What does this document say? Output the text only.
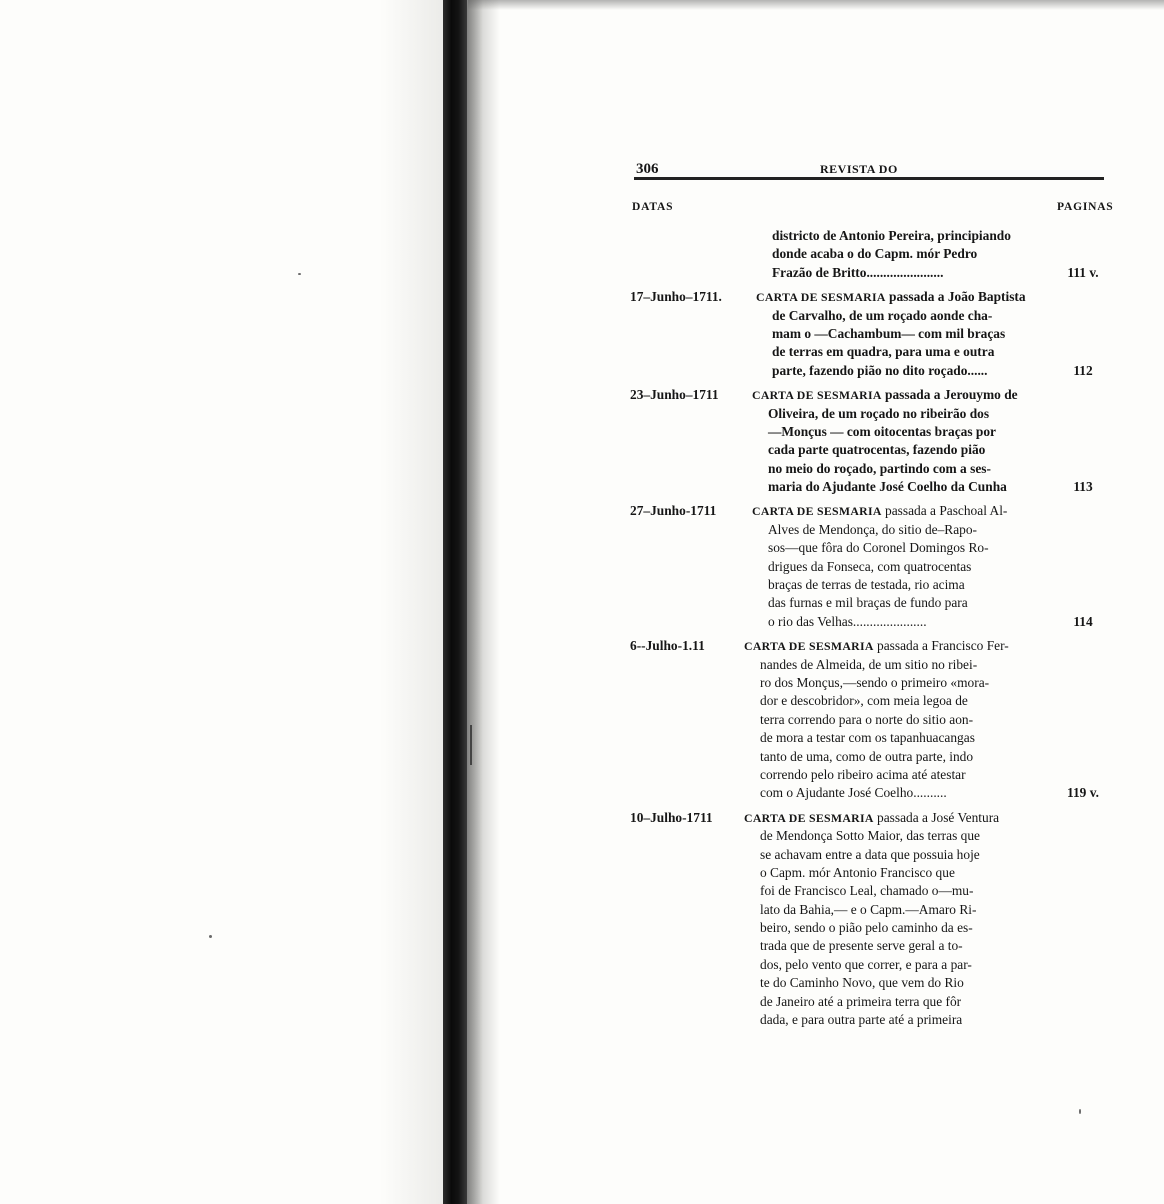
306	REVISTA DO
DATAS	PAGINAS
districto de Antonio Pereira, principiando
donde acaba o do Capm. mór Pedro
Frazão de Britto.......................	111 v.
17–Junho–1711.	CARTA DE SESMARIA passada a João Baptista
de Carvalho, de um roçado aonde cha-
mam o —Cachambum— com mil braças
de terras em quadra, para uma e outra
parte, fazendo pião no dito roçado......	112
23–Junho–1711	CARTA DE SESMARIA passada a Jerouymo de
Oliveira, de um roçado no ribeirão dos
—Monçus — com oitocentas braças por
cada parte quatrocentas, fazendo pião
no meio do roçado, partindo com a ses-
maria do Ajudante José Coelho da Cunha	113
27–Junho-1711	CARTA DE SESMARIA passada a Paschoal Al-
Alves de Mendonça, do sitio de–Rapo-
sos—que fôra do Coronel Domingos Ro-
drigues da Fonseca, com quatrocentas
braças de terras de testada, rio acima
das furnas e mil braças de fundo para
o rio das Velhas......................	114
6--Julho-1.11	CARTA DE SESMARIA passada a Francisco Fer-
nandes de Almeida, de um sitio no ribei-
ro dos Monçus,—sendo o primeiro «mora-
dor e descobridor», com meia legoa de
terra correndo para o norte do sitio aon-
de mora a testar com os tapanhuacangas
tanto de uma, como de outra parte, indo
correndo pelo ribeiro acima até atestar
com o Ajudante José Coelho..........	119 v.
10–Julho-1711	CARTA DE SESMARIA passada a José Ventura
de Mendonça Sotto Maior, das terras que
se achavam entre a data que possuia hoje
o Capm. mór Antonio Francisco que
foi de Francisco Leal, chamado o—mu-
lato da Bahia,— e o Capm.—Amaro Ri-
beiro, sendo o pião pelo caminho da es-
trada que de presente serve geral a to-
dos, pelo vento que correr, e para a par-
te do Caminho Novo, que vem do Rio
de Janeiro até a primeira terra que fôr
dada, e para outra parte até a primeira
